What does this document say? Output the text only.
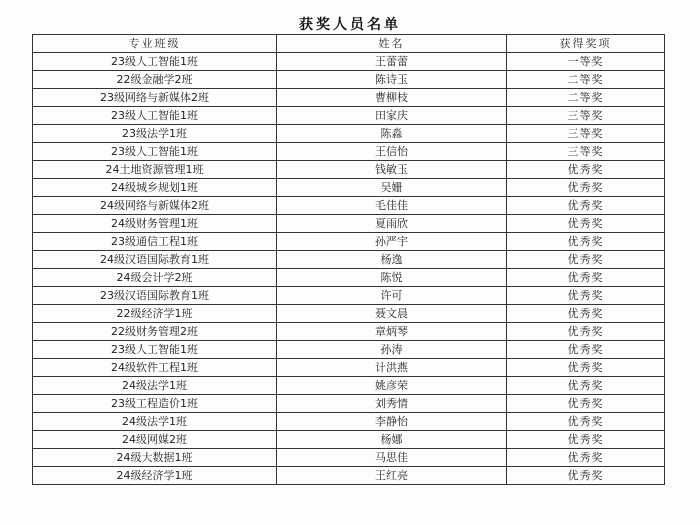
获奖人员名单
专业班级	姓名	获得奖项
23级人工智能1班	王蕾蕾	一等奖
22级金融学2班	陈诗玉	二等奖
23级网络与新媒体2班	曹柳枝	二等奖
23级人工智能1班	田家庆	三等奖
23级法学1班	陈淼	三等奖
23级人工智能1班	王信怡	三等奖
24土地资源管理1班	钱敏玉	优秀奖
24级城乡规划1班	吴姗	优秀奖
24级网络与新媒体2班	毛佳佳	优秀奖
24级财务管理1班	夏雨欣	优秀奖
23级通信工程1班	孙严宇	优秀奖
24级汉语国际教育1班	杨逸	优秀奖
24级会计学2班	陈悦	优秀奖
23级汉语国际教育1班	许可	优秀奖
22级经济学1班	聂文晨	优秀奖
22级财务管理2班	章炳琴	优秀奖
23级人工智能1班	孙涛	优秀奖
24级软件工程1班	计洪燕	优秀奖
24级法学1班	姚彦荣	优秀奖
23级工程造价1班	刘秀情	优秀奖
24级法学1班	李静怡	优秀奖
24级网媒2班	杨娜	优秀奖
24级大数据1班	马思佳	优秀奖
24级经济学1班	王红亮	优秀奖
